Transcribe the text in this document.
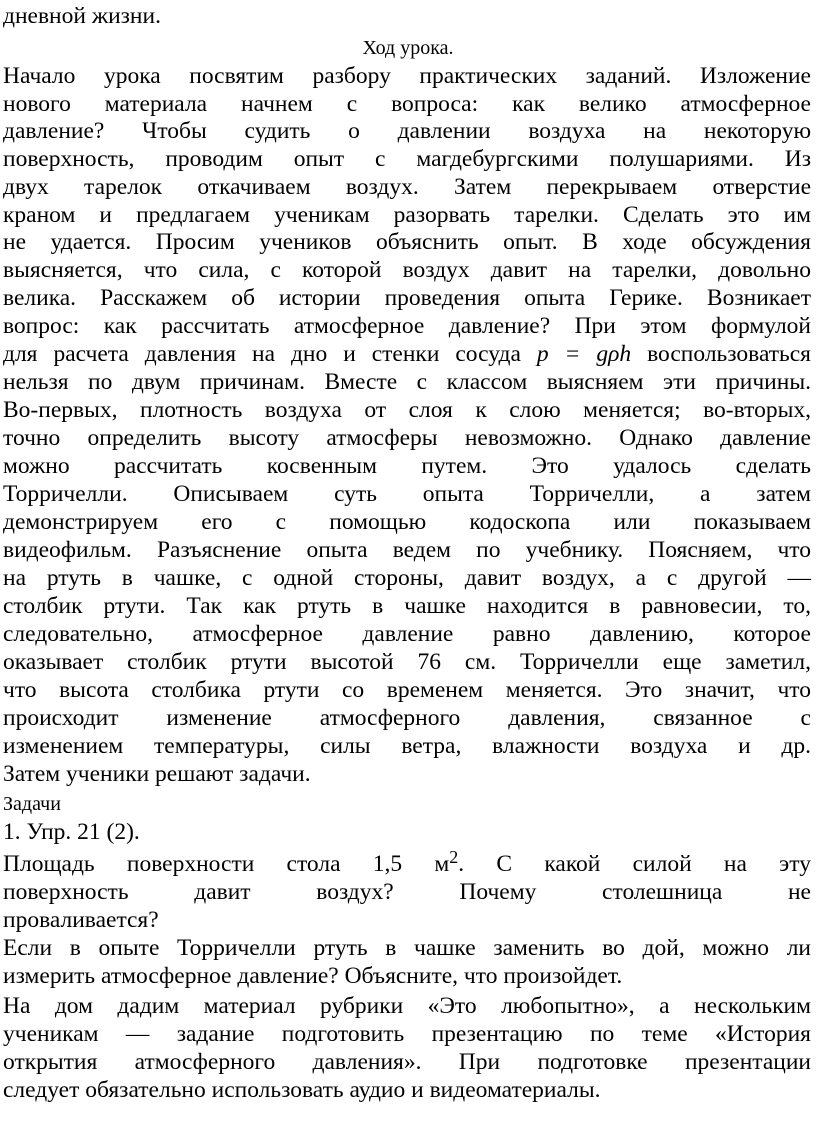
дневной жизни.

Ход урока.

Начало урока посвятим разбору практических заданий. Изложение

нового материала начнем с вопроса: как велико атмосферное

давление? Чтобы судить о давлении воздуха на некоторую

поверхность, проводим опыт с магдебургскими полушариями. Из

двух тарелок откачиваем воздух. Затем перекрываем отверстие

краном и предлагаем ученикам разорвать тарелки. Сделать это им

не удается. Просим учеников объяснить опыт. В ходе обсуждения

выясняется, что сила, с которой воздух давит на тарелки, довольно

велика. Расскажем об истории проведения опыта Герике. Возникает

вопрос: как рассчитать атмосферное давление? При этом формулой

для расчета давления на дно и стенки сосуда p = gρh воспользоваться

нельзя по двум причинам. Вместе с классом выясняем эти причины.

Во-первых, плотность воздуха от слоя к слою меняется; во-вторых,

точно определить высоту атмосферы невозможно. Однако давление

можно рассчитать косвенным путем. Это удалось сделать

Торричелли. Описываем суть опыта Торричелли, а затем

демонстрируем его с помощью кодоскопа или показываем

видеофильм. Разъяснение опыта ведем по учебнику. Поясняем, что

на ртуть в чашке, с одной стороны, давит воздух, а с другой —

столбик ртути. Так как ртуть в чашке находится в равновесии, то,

следовательно, атмосферное давление равно давлению, которое

оказывает столбик ртути высотой 76 см. Торричелли еще заметил,

что высота столбика ртути со временем меняется. Это значит, что

происходит изменение атмосферного давления, связанное с

изменением температуры, силы ветра, влажности воздуха и др.

Затем ученики решают задачи.

Задачи

1. Упр. 21 (2).

Площадь поверхности стола 1,5 $м^2$. С какой силой на эту

поверхность давит воздух? Почему столешница не

проваливается?

Если в опыте Торричелли ртуть в чашке заменить во дой, можно ли

измерить атмосферное давление? Объясните, что произойдет.

На дом дадим материал рубрики «Это любопытно», а нескольким

ученикам — задание подготовить презентацию по теме «История

открытия атмосферного давления». При подготовке презентации

следует обязательно использовать аудио и видеоматериалы.
